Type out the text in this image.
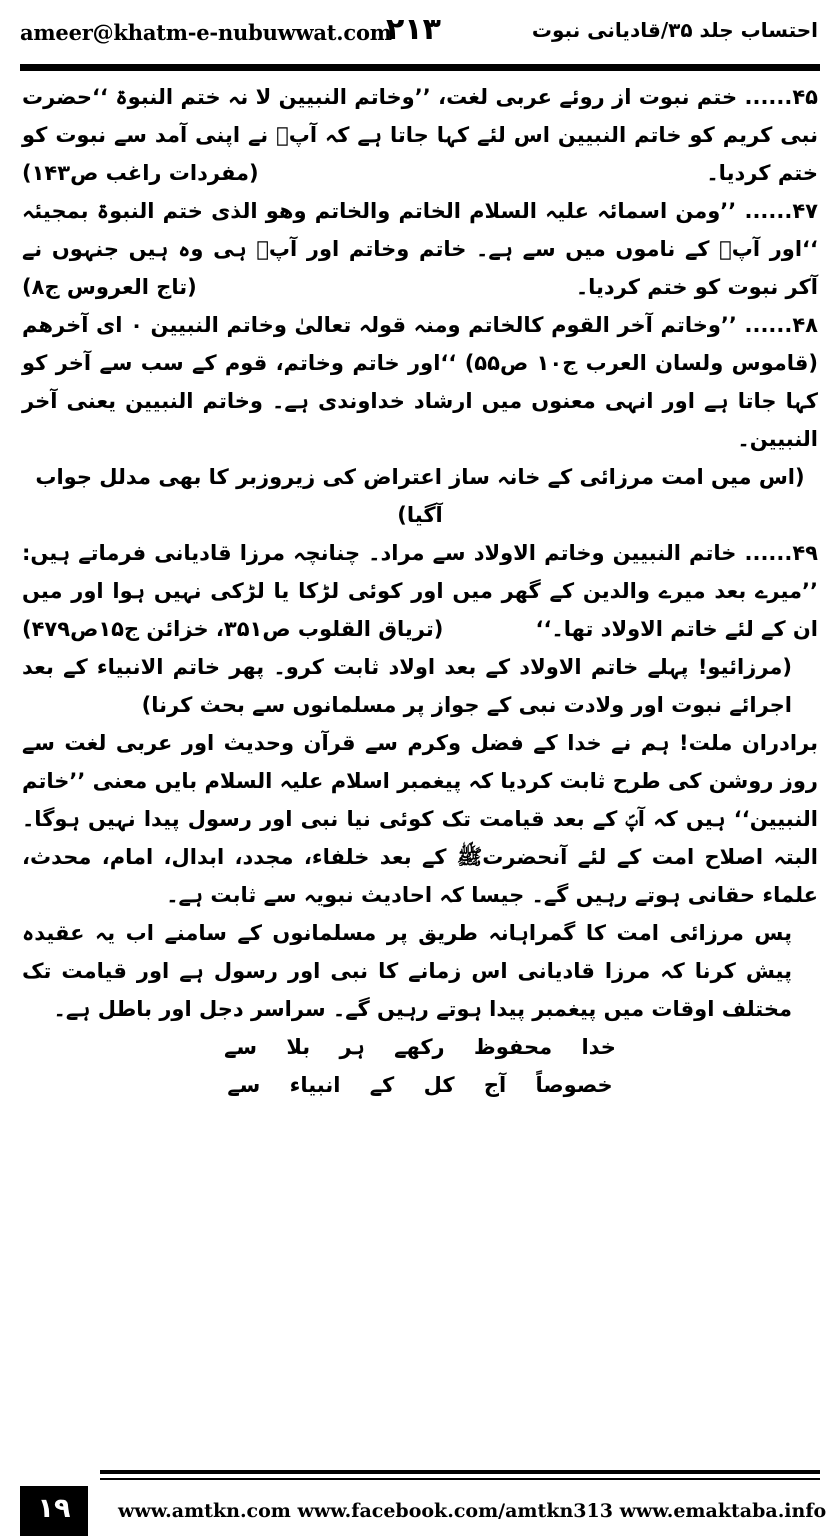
ameer@khatm-e-nubuwwat.com
۲۱۳	احتساب جلد ۳۵/قادیانی نبوت

۴۵...... ختم نبوت از روئے عربی لغت، ’’وخاتم النبیین لا نہ ختم النبوۃ ‘‘حضرت نبی کریم کو خاتم النبیین اس لئے کہا جاتا ہے کہ آپؐ نے اپنی آمد سے نبوت کو ختم کردیا۔
(مفردات راغب ص۱۴۳)

۴۷...... ’’ومن اسمائہ علیہ السلام الخاتم والخاتم وھو الذی ختم النبوۃ بمجیئہ ‘‘اور آپؐ کے ناموں میں سے ہے۔ خاتم وخاتم اور آپؐ ہی وہ ہیں جنہوں نے آکر نبوت کو ختم کردیا۔
(تاج العروس ج۸)

۴۸...... ’’وخاتم آخر القوم کالخاتم ومنہ قولہ تعالیٰ وخاتم النبیین ۰ ای آخرھم (قاموس ولسان العرب ج۱۰ ص۵۵) ‘‘اور خاتم وخاتم، قوم کے سب سے آخر کو کہا جاتا ہے اور انہی معنوں میں ارشاد خداوندی ہے۔ وخاتم النبیین یعنی آخر النبیین۔

(اس میں امت مرزائی کے خانہ ساز اعتراض کی زیروزبر کا بھی مدلل جواب آگیا)

۴۹...... خاتم النبیین وخاتم الاولاد سے مراد۔ چنانچہ مرزا قادیانی فرماتے ہیں: ’’میرے بعد میرے والدین کے گھر میں اور کوئی لڑکا یا لڑکی نہیں ہوا اور میں ان کے لئے خاتم الاولاد تھا۔‘‘
(تریاق القلوب ص۳۵۱، خزائن ج۱۵ص۴۷۹)

(مرزائیو! پہلے خاتم الاولاد کے بعد اولاد ثابت کرو۔ پھر خاتم الانبیاء کے بعد اجرائے نبوت اور ولادت نبی کے جواز پر مسلمانوں سے بحث کرنا)

برادران ملت! ہم نے خدا کے فضل وکرم سے قرآن وحدیث اور عربی لغت سے روز روشن کی طرح ثابت کردیا کہ پیغمبر اسلام علیہ السلام بایں معنی ’’خاتم النبیین‘‘ ہیں کہ آپؐ کے بعد قیامت تک کوئی نیا نبی اور رسول پیدا نہیں ہوگا۔ البتہ اصلاح امت کے لئے آنحضرتﷺ کے بعد خلفاء، مجدد، ابدال، امام، محدث، علماء حقانی ہوتے رہیں گے۔ جیسا کہ احادیث نبویہ سے ثابت ہے۔

پس مرزائی امت کا گمراہانہ طریق پر مسلمانوں کے سامنے اب یہ عقیدہ پیش کرنا کہ مرزا قادیانی اس زمانے کا نبی اور رسول ہے اور قیامت تک مختلف اوقات میں پیغمبر پیدا ہوتے رہیں گے۔ سراسر دجل اور باطل ہے۔

خدا محفوظ رکھے ہر بلا سے

خصوصاً آج کل کے انبیاء سے

۱۹	www.amtkn.com www.facebook.com/amtkn313 www.emaktaba.info
